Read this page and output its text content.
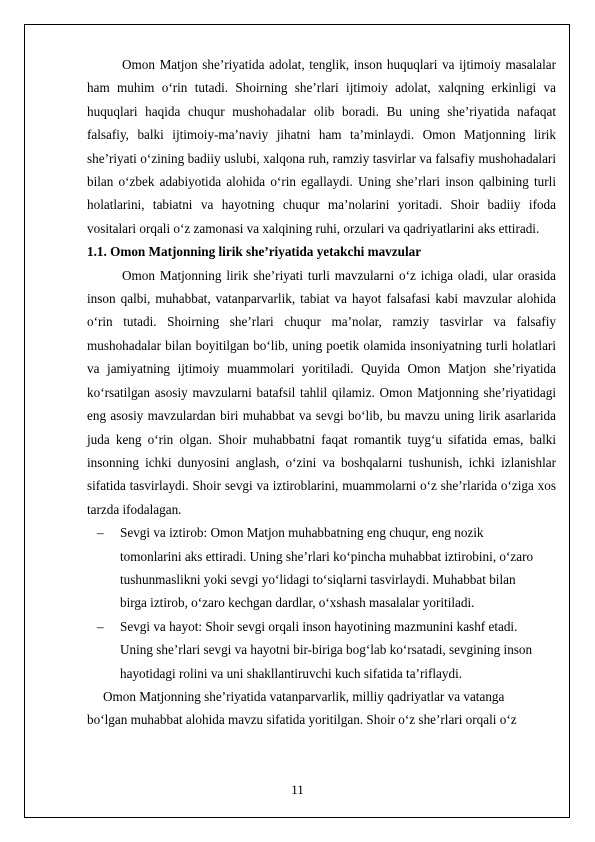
Omon Matjon she’riyatida adolat, tenglik, inson huquqlari va ijtimoiy masalalar ham muhim o‘rin tutadi. Shoirning she’rlari ijtimoiy adolat, xalqning erkinligi va huquqlari haqida chuqur mushohadalar olib boradi. Bu uning she’riyatida nafaqat falsafiy, balki ijtimoiy-ma’naviy jihatni ham ta’minlaydi. Omon Matjonning lirik she’riyati o‘zining badiiy uslubi, xalqona ruh, ramziy tasvirlar va falsafiy mushohadalari bilan o‘zbek adabiyotida alohida o‘rin egallaydi. Uning she’rlari inson qalbining turli holatlarini, tabiatni va hayotning chuqur ma’nolarini yoritadi. Shoir badiiy ifoda vositalari orqali o‘z zamonasi va xalqining ruhi, orzulari va qadriyatlarini aks ettiradi.

1.1. Omon Matjonning lirik she’riyatida yetakchi mavzular

Omon Matjonning lirik she’riyati turli mavzularni o‘z ichiga oladi, ular orasida inson qalbi, muhabbat, vatanparvarlik, tabiat va hayot falsafasi kabi mavzular alohida o‘rin tutadi. Shoirning she’rlari chuqur ma’nolar, ramziy tasvirlar va falsafiy mushohadalar bilan boyitilgan bo‘lib, uning poetik olamida insoniyatning turli holatlari va jamiyatning ijtimoiy muammolari yoritiladi. Quyida Omon Matjon she’riyatida ko‘rsatilgan asosiy mavzularni batafsil tahlil qilamiz. Omon Matjonning she’riyatidagi eng asosiy mavzulardan biri muhabbat va sevgi bo‘lib, bu mavzu uning lirik asarlarida juda keng o‘rin olgan. Shoir muhabbatni faqat romantik tuyg‘u sifatida emas, balki insonning ichki dunyosini anglash, o‘zini va boshqalarni tushunish, ichki izlanishlar sifatida tasvirlaydi. Shoir sevgi va iztiroblarini, muammolarni o‘z she’rlarida o‘ziga xos tarzda ifodalagan.

– Sevgi va iztirob: Omon Matjon muhabbatning eng chuqur, eng nozik tomonlarini aks ettiradi. Uning she’rlari ko‘pincha muhabbat iztirobini, o‘zaro tushunmaslikni yoki sevgi yo‘lidagi to‘siqlarni tasvirlaydi. Muhabbat bilan birga iztirob, o‘zaro kechgan dardlar, o‘xshash masalalar yoritiladi.
– Sevgi va hayot: Shoir sevgi orqali inson hayotining mazmunini kashf etadi. Uning she’rlari sevgi va hayotni bir-biriga bog‘lab ko‘rsatadi, sevgining inson hayotidagi rolini va uni shakllantiruvchi kuch sifatida ta’riflaydi.

Omon Matjonning she’riyatida vatanparvarlik, milliy qadriyatlar va vatanga bo‘lgan muhabbat alohida mavzu sifatida yoritilgan. Shoir o‘z she’rlari orqali o‘z

11
